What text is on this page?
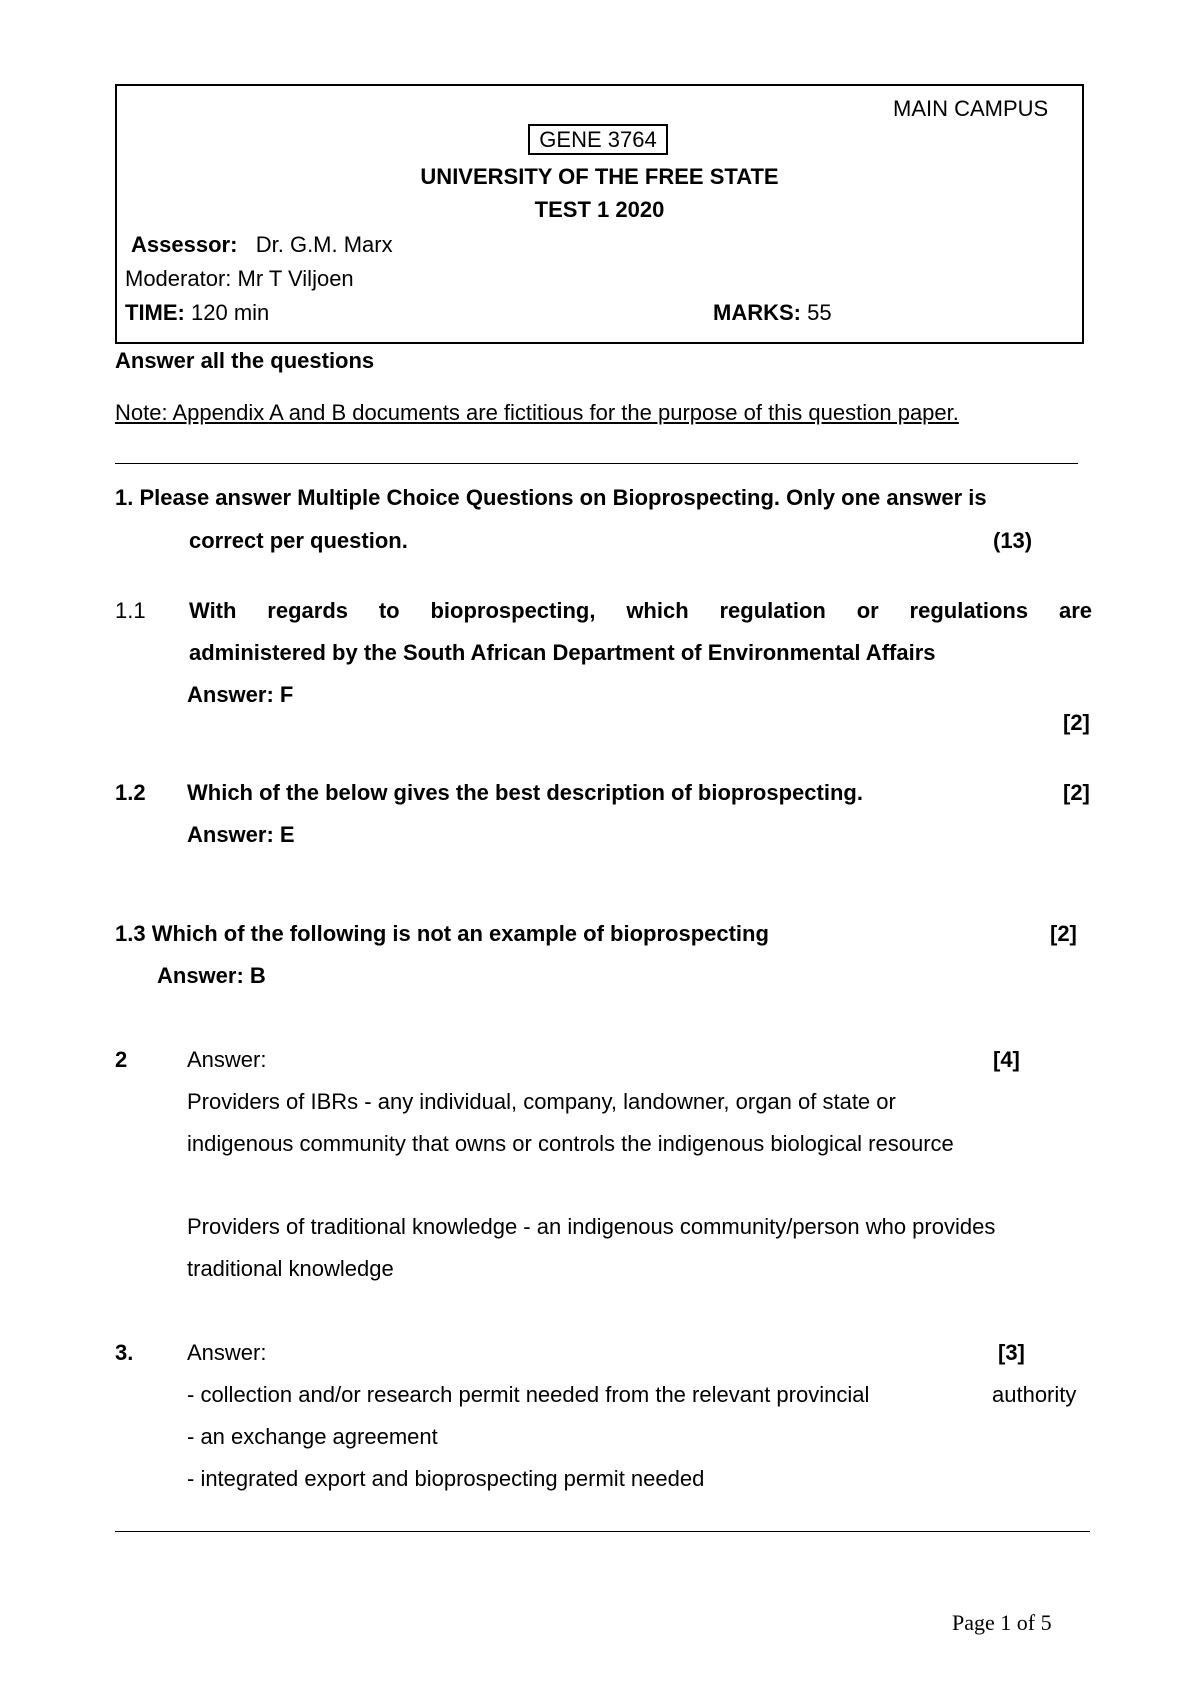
MAIN CAMPUS
GENE 3764
UNIVERSITY OF THE FREE STATE
TEST 1 2020
Assessor: Dr. G.M. Marx
Moderator: Mr T Viljoen
TIME: 120 min	MARKS: 55
Answer all the questions
Note: Appendix A and B documents are fictitious for the purpose of this question paper.
1. Please answer Multiple Choice Questions on Bioprospecting. Only one answer is
correct per question.	(13)
1.1 With regards to bioprospecting, which regulation or regulations are
administered by the South African Department of Environmental Affairs
Answer: F
[2]
1.2 Which of the below gives the best description of bioprospecting.	[2]
Answer: E
1.3 Which of the following is not an example of bioprospecting	[2]
Answer: B
2	Answer:	[4]
Providers of IBRs - any individual, company, landowner, organ of state or
indigenous community that owns or controls the indigenous biological resource
Providers of traditional knowledge - an indigenous community/person who provides
traditional knowledge
3. Answer:	[3]
- collection and/or research permit needed from the relevant provincial	authority
- an exchange agreement
- integrated export and bioprospecting permit needed
Page 1 of 5
